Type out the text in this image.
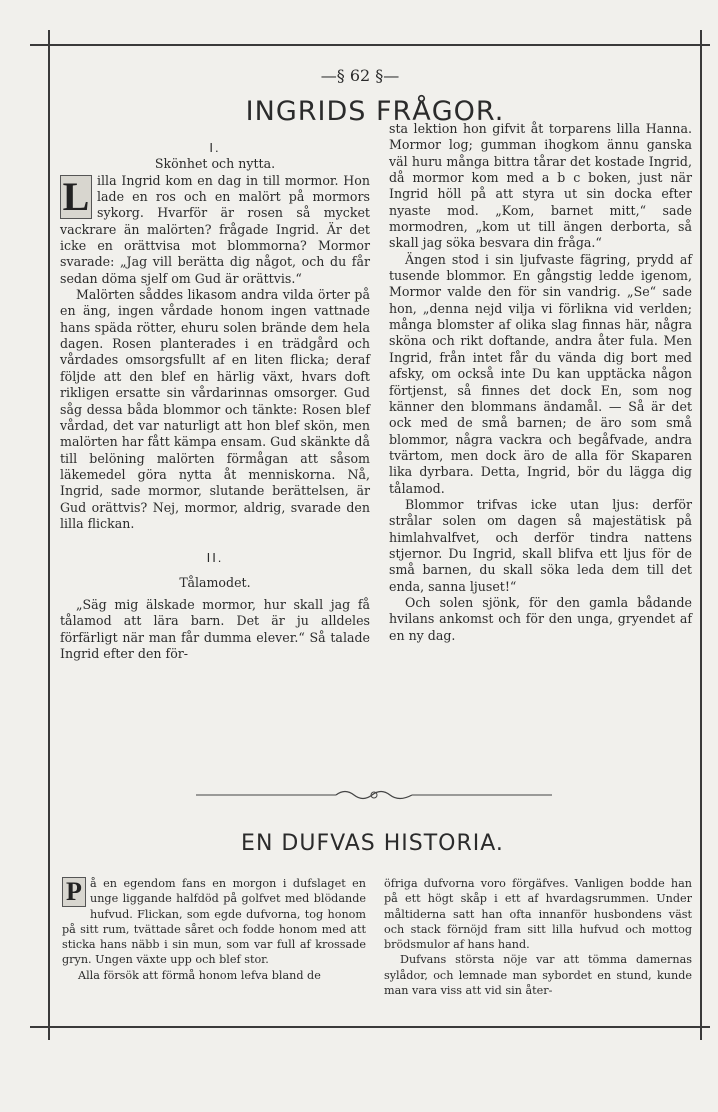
—§ 62 §—
INGRIDS FRÅGOR.

I.

Skönhet och nytta.

L illa Ingrid kom en dag in till mormor. Hon lade en ros och en malört på mormors sykorg. Hvarför är rosen så mycket vackrare än malörten? frågade Ingrid. Är det icke en orättvisa mot blommorna? Mormor svarade: „Jag vill berätta dig något, och du får sedan döma sjelf om Gud är orättvis.“

Malörten såddes likasom andra vilda örter på en äng, ingen vårdade honom ingen vattnade hans späda rötter, ehuru solen brände dem hela dagen. Rosen planterades i en trädgård och vårdades omsorgsfullt af en liten flicka; deraf följde att den blef en härlig växt, hvars doft rikligen ersatte sin vårdarinnas omsorger. Gud såg dessa båda blommor och tänkte: Rosen blef vårdad, det var naturligt att hon blef skön, men malörten har fått kämpa ensam. Gud skänkte då till belöning malörten förmågan att såsom läkemedel göra nytta åt menniskorna. Nå, Ingrid, sade mormor, slutande berättelsen, är Gud orättvis? Nej, mormor, aldrig, svarade den lilla flickan.

II.

Tålamodet.

„Säg mig älskade mormor, hur skall jag få tålamod att lära barn. Det är ju alldeles förfärligt när man får dumma elever.“ Så talade Ingrid efter den för-

sta lektion hon gifvit åt torparens lilla Hanna. Mormor log; gumman ihogkom ännu ganska väl huru många bittra tårar det kostade Ingrid, då mormor kom med a b c boken, just när Ingrid höll på att styra ut sin docka efter nyaste mod. „Kom, barnet mitt,“ sade mormodren, „kom ut till ängen derborta, så skall jag söka besvara din fråga.“

Ängen stod i sin ljufvaste fägring, prydd af tusende blommor. En gångstig ledde igenom, Mormor valde den för sin vandrig. „Se“ sade hon, „denna nejd vilja vi förlikna vid verlden; många blomster af olika slag finnas här, några sköna och rikt doftande, andra åter fula. Men Ingrid, från intet får du vända dig bort med afsky, om också inte Du kan upptäcka någon förtjenst, så finnes det dock En, som nog känner den blommans ändamål. — Så är det ock med de små barnen; de äro som små blommor, några vackra och begåfvade, andra tvärtom, men dock äro de alla för Skaparen lika dyrbara. Detta, Ingrid, bör du lägga dig tålamod.

Blommor trifvas icke utan ljus: derför strålar solen om dagen så majestätisk på himlahvalfvet, och derför tindra nattens stjernor. Du Ingrid, skall blifva ett ljus för de små barnen, du skall söka leda dem till det enda, sanna ljuset!“

Och solen sjönk, för den gamla bådande hvilans ankomst och för den unga, gryendet af en ny dag.

EN DUFVAS HISTORIA.

P å en egendom fans en morgon i dufslaget en unge liggande halfdöd på golfvet med blödande hufvud. Flickan, som egde dufvorna, tog honom på sitt rum, tvättade såret och fodde honom med att sticka hans näbb i sin mun, som var full af krossade gryn. Ungen växte upp och blef stor.

Alla försök att förmå honom lefva bland de

öfriga dufvorna voro förgäfves. Vanligen bodde han på ett högt skåp i ett af hvardagsrummen. Under måltiderna satt han ofta innanför husbondens väst och stack förnöjd fram sitt lilla hufvud och mottog brödsmulor af hans hand.

Dufvans största nöje var att tömma damernas sylådor, och lemnade man sybordet en stund, kunde man vara viss att vid sin åter-
